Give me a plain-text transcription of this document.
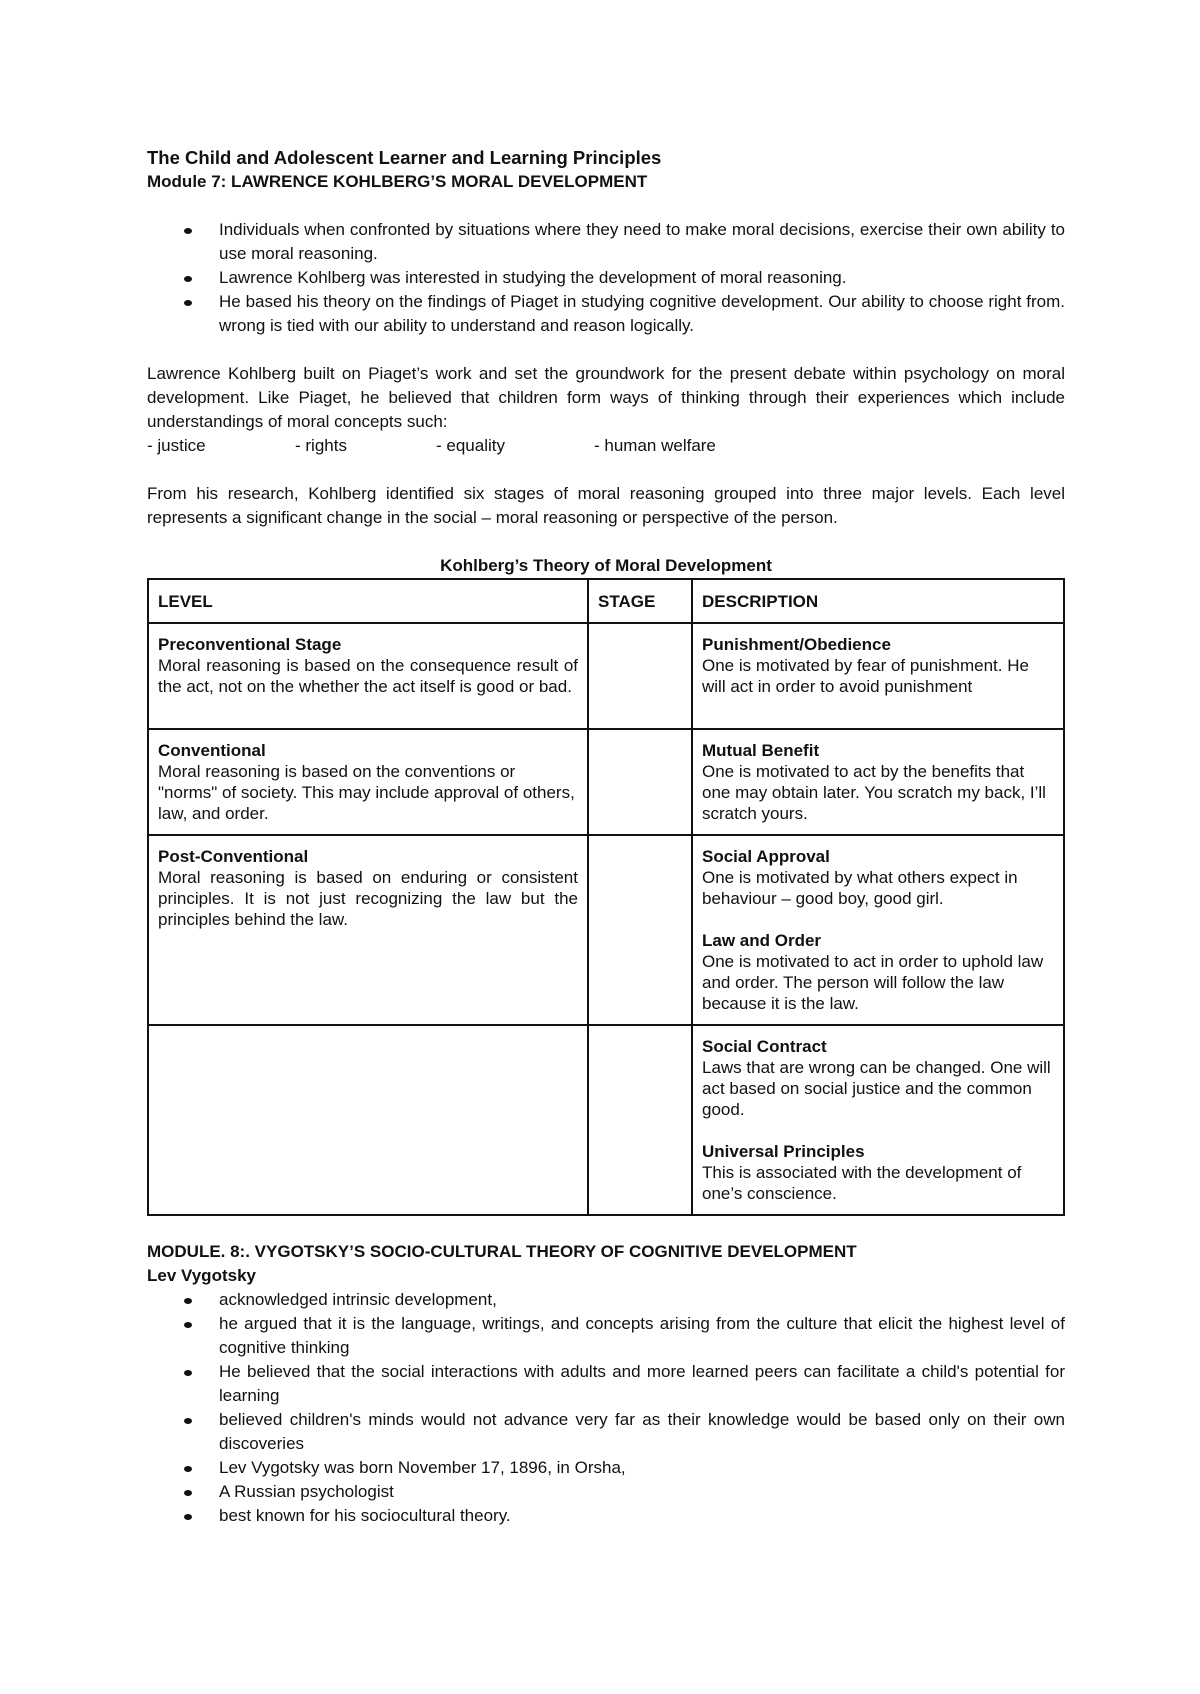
The Child and Adolescent Learner and Learning Principles
Module 7: LAWRENCE KOHLBERG’S MORAL DEVELOPMENT
Individuals when confronted by situations where they need to make moral decisions, exercise their own ability to use moral reasoning.
Lawrence Kohlberg was interested in studying the development of moral reasoning.
He based his theory on the findings of Piaget in studying cognitive development. Our ability to choose right from. wrong is tied with our ability to understand and reason logically.

Lawrence Kohlberg built on Piaget’s work and set the groundwork for the present debate within psychology on moral development. Like Piaget, he believed that children form ways of thinking through their experiences which include understandings of moral concepts such:

- justice	- rights	- equality	- human welfare

From his research, Kohlberg identified six stages of moral reasoning grouped into three major levels. Each level represents a significant change in the social – moral reasoning or perspective of the person.

Kohlberg’s Theory of Moral Development

LEVEL	STAGE	DESCRIPTION

Preconventional Stage
Moral reasoning is based on the consequence result of the act, not on the whether the act itself is good or bad.		Punishment/Obedience
One is motivated by fear of punishment. He will act in order to avoid punishment

Conventional
Moral reasoning is based on the conventions or "norms" of society. This may include approval of others, law, and order.		Mutual Benefit
One is motivated to act by the benefits that one may obtain later. You scratch my back, I’ll scratch yours.

Post-Conventional
Moral reasoning is based on enduring or consistent principles. It is not just recognizing the law but the principles behind the law.		Social Approval
One is motivated by what others expect in behaviour – good boy, good girl.
Law and Order
One is motivated to act in order to uphold law and order. The person will follow the law because it is the law.

		Social Contract
Laws that are wrong can be changed. One will act based on social justice and the common good.
Universal Principles
This is associated with the development of one’s conscience.
MODULE. 8:. VYGOTSKY’S SOCIO-CULTURAL THEORY OF COGNITIVE DEVELOPMENT

Lev Vygotsky

acknowledged intrinsic development,
he argued that it is the language, writings, and concepts arising from the culture that elicit the highest level of cognitive thinking
He believed that the social interactions with adults and more learned peers can facilitate a child's potential for learning
believed children's minds would not advance very far as their knowledge would be based only on their own discoveries
Lev Vygotsky was born November 17, 1896, in Orsha,
A Russian psychologist
best known for his sociocultural theory.
